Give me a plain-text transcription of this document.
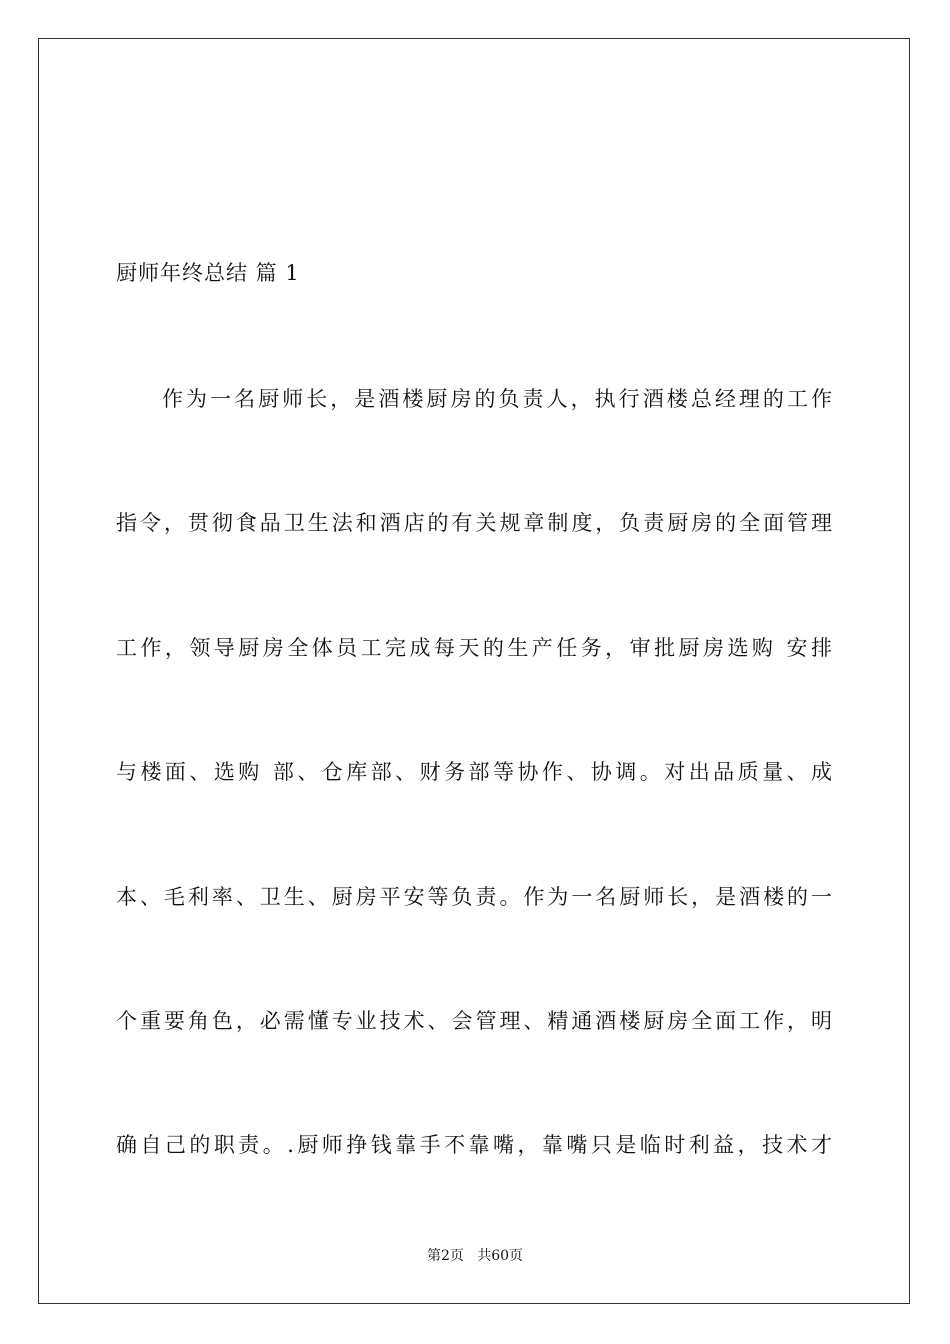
厨师年终总结 篇 1
作为一名厨师长，是酒楼厨房的负责人，执行酒楼总经理的工作
指令，贯彻食品卫生法和酒店的有关规章制度，负责厨房的全面管理
工作，领导厨房全体员工完成每天的生产任务，审批厨房选购 安排
与楼面、选购 部、仓库部、财务部等协作、协调。对出品质量、成
本、毛利率、卫生、厨房平安等负责。作为一名厨师长，是酒楼的一
个重要角色，必需懂专业技术、会管理、精通酒楼厨房全面工作，明
确自己的职责。.厨师挣钱靠手不靠嘴，靠嘴只是临时利益，技术才
第2页   共60页
